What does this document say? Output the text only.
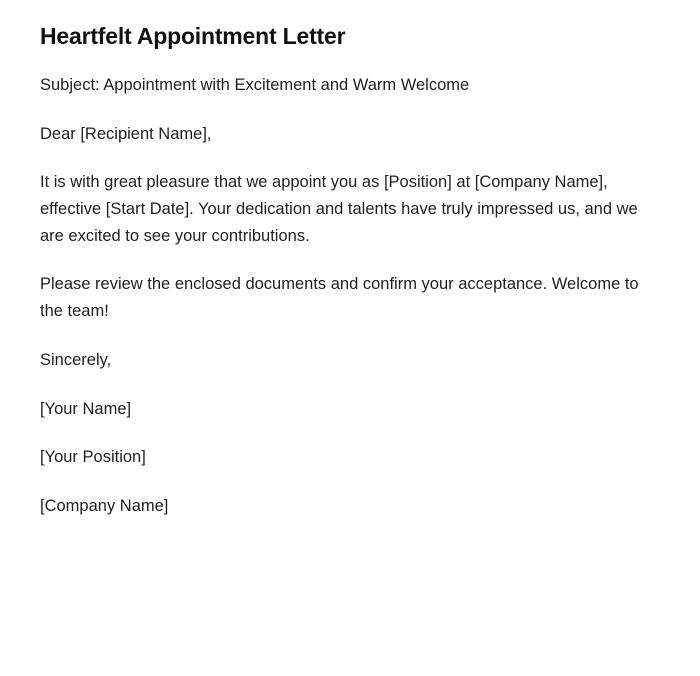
Heartfelt Appointment Letter

Subject: Appointment with Excitement and Warm Welcome

Dear [Recipient Name],

It is with great pleasure that we appoint you as [Position] at [Company Name], effective [Start Date]. Your dedication and talents have truly impressed us, and we are excited to see your contributions.

Please review the enclosed documents and confirm your acceptance. Welcome to the team!

Sincerely,

[Your Name]

[Your Position]

[Company Name]
